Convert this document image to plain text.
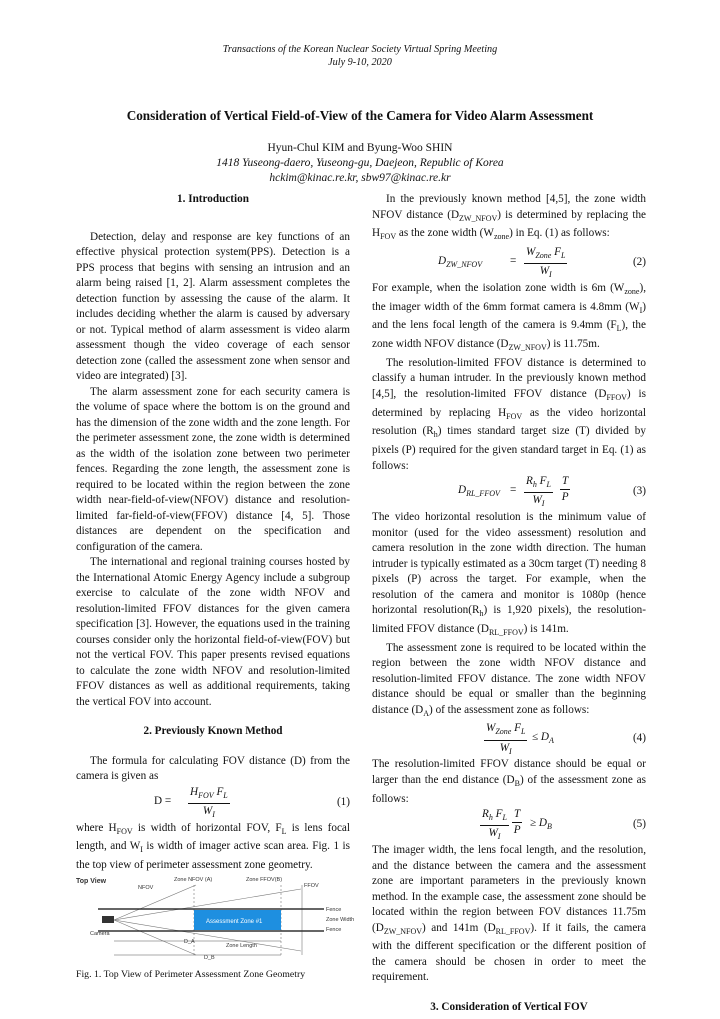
Transactions of the Korean Nuclear Society Virtual Spring Meeting
July 9-10, 2020
Consideration of Vertical Field-of-View of the Camera for Video Alarm Assessment
Hyun-Chul KIM and Byung-Woo SHIN
1418 Yuseong-daero, Yuseong-gu, Daejeon, Republic of Korea
hckim@kinac.re.kr, sbw97@kinac.re.kr
1. Introduction

Detection, delay and response are key functions of an effective physical protection system(PPS). Detection is a PPS process that begins with sensing an intrusion and an alarm being raised [1, 2]. Alarm assessment completes the detection function by assessing the cause of the alarm. It includes deciding whether the alarm is caused by adversary or not. Typical method of alarm assessment is video alarm assessment though the video coverage of each sensor detection zone (called the assessment zone when sensor and video are integrated) [3].

The alarm assessment zone for each security camera is the volume of space where the bottom is on the ground and has the dimension of the zone width and the zone length. For the perimeter assessment zone, the zone width is determined as the width of the isolation zone between two perimeter fences. Regarding the zone length, the assessment zone is required to be located within the region between the zone width near-field-of-view(NFOV) distance and resolution-limited far-field-of-view(FFOV) distance [4, 5]. Those distances are dependent on the specification and configuration of the camera.

The international and regional training courses hosted by the International Atomic Energy Agency include a subgroup exercise to calculate of the zone width NFOV and resolution-limited FFOV distances for the given camera specification [3]. However, the equations used in the training courses consider only the horizontal field-of-view(FOV) but not the vertical FOV. This paper presents revised equations to calculate the zone width NFOV and resolution-limited FFOV distances as well as additional requirements, taking the vertical FOV into account.

2. Previously Known Method

The formula for calculating FOV distance (D) from the camera is given as

D =
$H_{FOV}$ $F_L$
$W_I$
(1)

where $H_{FOV}$ is width of horizontal FOV, $F_L$ is lens focal length, and $W_I$ is width of imager active scan area. Fig. 1 is the top view of perimeter assessment zone geometry.

Top View
NFOV
Zone NFOV (A)	Zone FFOV(B)
FFOV
Fence
Zone Width
Fence
Camera
Zone Length
D_A
D_B
Assessment Zone #1
Fig. 1. Top View of Perimeter Assessment Zone Geometry

In the previously known method [4,5], the zone width NFOV distance $(D_{ZW\_NFOV})$ is determined by replacing the $H_{FOV}$ as the zone width $(W_{zone})$ in Eq. (1) as follows:

$D_{ZW\_NFOV}$ =
$W_{Zone}$ $F_L$
$W_I$
(2)

For example, when the isolation zone width is 6m $(W_{zone})$, the imager width of the 6mm format camera is 4.8mm $(W_I)$ and the lens focal length of the camera is 9.4mm $(F_L)$, the zone width NFOV distance $(D_{ZW\_NFOV})$ is 11.75m.

The resolution-limited FFOV distance is determined to classify a human intruder. In the previously known method [4,5], the resolution-limited FFOV distance $(D_{FFOV})$ is determined by replacing $H_{FOV}$ as the video horizontal resolution $(R_h)$ times standard target size (T) divided by pixels (P) required for the given standard target in Eq. (1) as follows:

$D_{RL\_FFOV} = \frac{R_h F_L}{W_I} \frac{T}{P}$	(3)

The video horizontal resolution is the minimum value of monitor (used for the video assessment) resolution and camera resolution in the zone width direction. The human intruder is typically estimated as a 30cm target (T) needing 8 pixels (P) across the target. For example, when the resolution of the camera and monitor is 1080p (hence horizontal $resolution(R_h)$ is 1,920 pixels), the resolution-limited FFOV distance $(D_{RL\_FFOV})$ is 141m.

The assessment zone is required to be located within the region between the zone width NFOV distance and resolution-limited FFOV distance. The zone width NFOV distance should be equal or smaller than the beginning distance $(D_A)$ of the assessment zone as follows:

$W_{Zone}$ $F_L$
$W_I$
≤ $D_A$	(4)

The resolution-limited FFOV distance should be equal or larger than the end distance $(D_B)$ of the assessment zone as follows:

$\frac{R_h F_L}{W_I} \frac{T}{P} \ge D_B$	(5)

The imager width, the lens focal length, and the resolution, and the distance between the camera and the assessment zone are important parameters in the previously known method. In the example case, the assessment zone should be located within the region between FOV distances 11.75m $(D_{ZW\_NFOV})$ and 141m $(D_{RL\_FFOV})$. If it fails, the camera with the different specification or the different position of the camera should be chosen in order to meet the requirement.

3. Consideration of Vertical FOV
